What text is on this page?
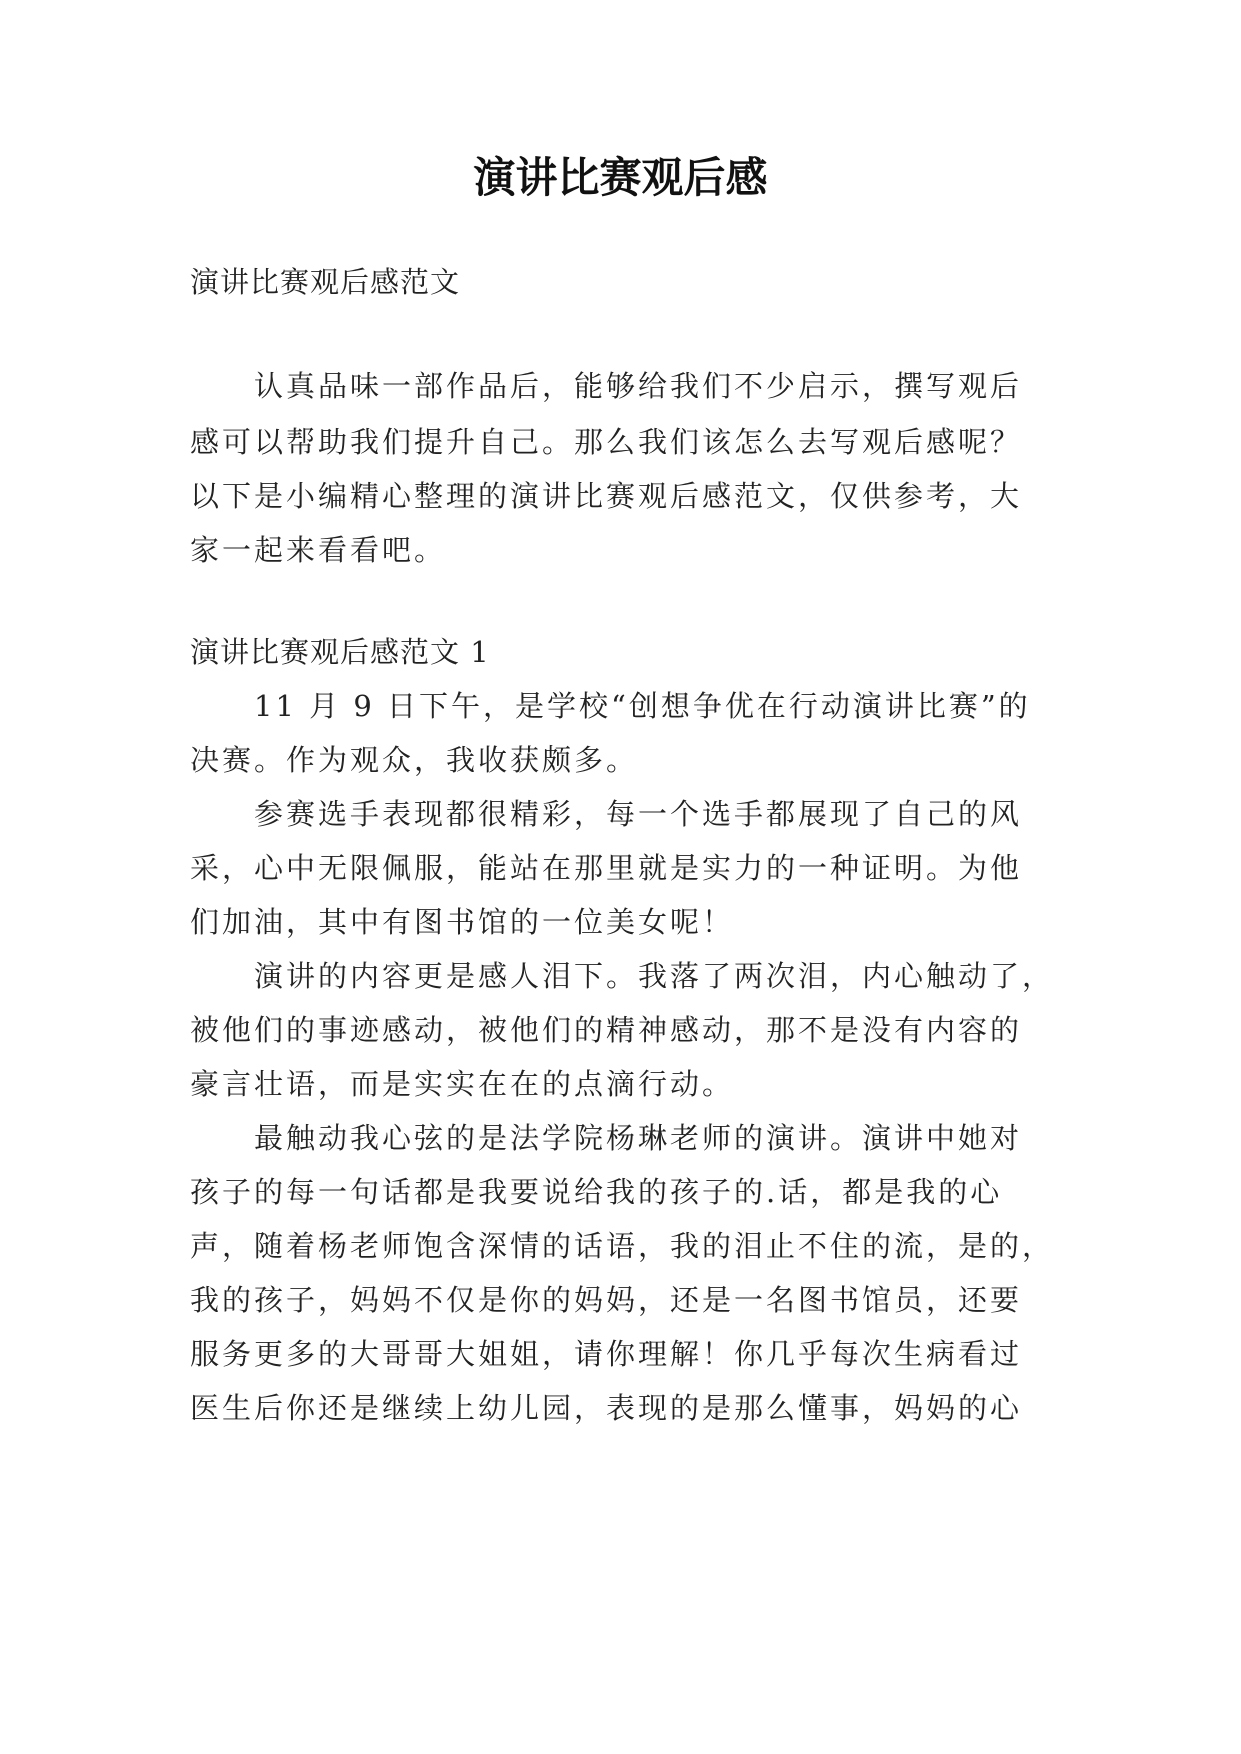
演讲比赛观后感
演讲比赛观后感范文
认真品味一部作品后，能够给我们不少启示，撰写观后
感可以帮助我们提升自己。那么我们该怎么去写观后感呢？
以下是小编精心整理的演讲比赛观后感范文，仅供参考，大
家一起来看看吧。
演讲比赛观后感范文 1
11 月 9 日下午，是学校“创想争优在行动演讲比赛”的
决赛。作为观众，我收获颇多。
参赛选手表现都很精彩，每一个选手都展现了自己的风
采，心中无限佩服，能站在那里就是实力的一种证明。为他
们加油，其中有图书馆的一位美女呢！
演讲的内容更是感人泪下。我落了两次泪，内心触动了，
被他们的事迹感动，被他们的精神感动，那不是没有内容的
豪言壮语，而是实实在在的点滴行动。
最触动我心弦的是法学院杨琳老师的演讲。演讲中她对
孩子的每一句话都是我要说给我的孩子的.话，都是我的心
声，随着杨老师饱含深情的话语，我的泪止不住的流，是的，
我的孩子，妈妈不仅是你的妈妈，还是一名图书馆员，还要
服务更多的大哥哥大姐姐，请你理解！你几乎每次生病看过
医生后你还是继续上幼儿园，表现的是那么懂事，妈妈的心
